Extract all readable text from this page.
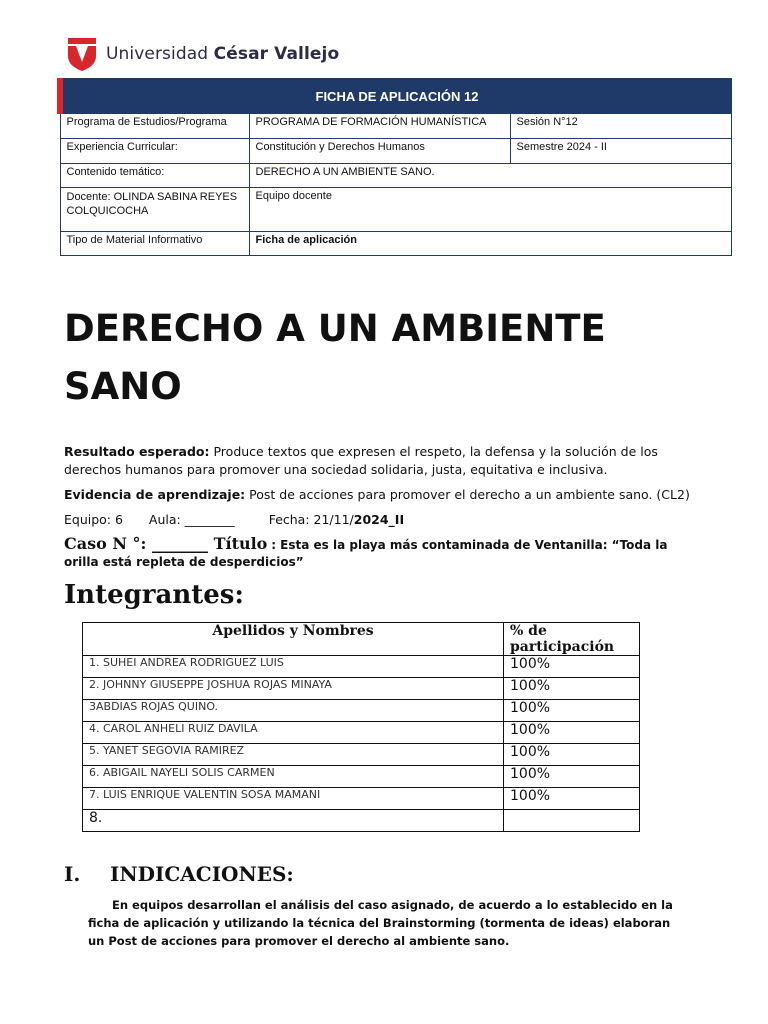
Universidad César Vallejo
FICHA DE APLICACIÓN 12		
Programa de Estudios/Programa	PROGRAMA DE FORMACIÓN HUMANÍSTICA	Sesión N°12
Experiencia Curricular:	Constitución y Derechos Humanos	Semestre 2024 - II
Contenido temático:	DERECHO A UN AMBIENTE SANO.	
Docente: OLINDA SABINA REYES COLQUICOCHA	Equipo docente	
Tipo de Material Informativo	Ficha de aplicación	
DERECHO A UN AMBIENTE SANO
Resultado esperado: Produce textos que expresen el respeto, la defensa y la solución de los derechos humanos para promover una sociedad solidaria, justa, equitativa e inclusiva.
Evidencia de aprendizaje: Post de acciones para promover el derecho a un ambiente sano. (CL2)
Equipo: 6 Aula: ________	Fecha: 21/11/2024_II
Caso N °: _______ Título : Esta es la playa más contaminada de Ventanilla: “Toda la orilla está repleta de desperdicios”
Integrantes:
Apellidos y Nombres	% de participación
1. SUHEI ANDREA RODRIGUEZ LUIS	100%
2. JOHNNY GIUSEPPE JOSHUA ROJAS MINAYA	100%
3ABDIAS ROJAS QUINO.	100%
4. CAROL ANHELI RUIZ DAVILA	100%
5. YANET SEGOVIA RAMIREZ	100%
6. ABIGAIL NAYELI SOLIS CARMEN	100%
7. LUIS ENRIQUE VALENTIN SOSA MAMANI	100%
8.	
I. INDICACIONES:
En equipos desarrollan el análisis del caso asignado, de acuerdo a lo establecido en la ficha de aplicación y utilizando la técnica del Brainstorming (tormenta de ideas) elaboran un Post de acciones para promover el derecho al ambiente sano.
